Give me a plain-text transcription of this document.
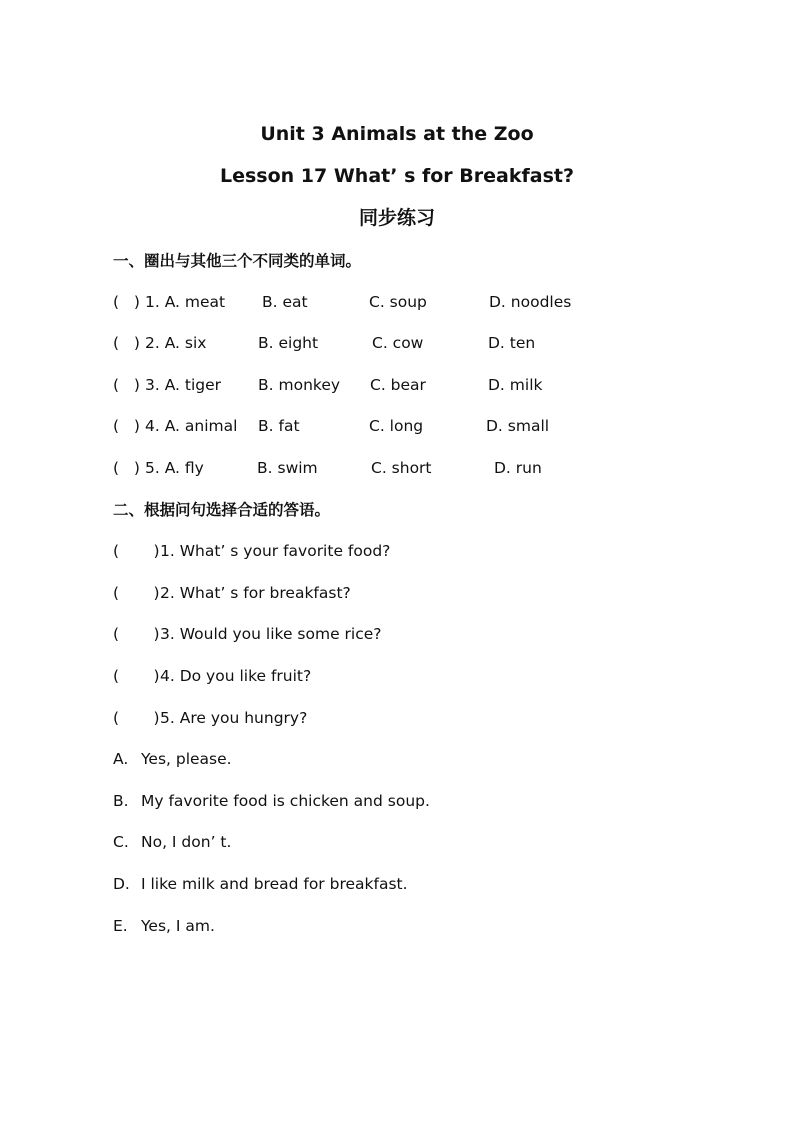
Unit 3 Animals at the Zoo
Lesson 17 What’ s for Breakfast?
同步练习
一、圈出与其他三个不同类的单词。

(   )

1. A. meat

B. eat

	C. soup

	D. noodles

(   )

2. A. six

	B. eight

	C. cow

	D. ten

(   )

3. A. tiger

B. monkey

C. bear

	D. milk

(   )

4. A. animal

B. fat

	C. long

	D. small

(   )

5. A. fly

	B. swim

	C. short

	D. run

二、根据问句选择合适的答语。

(       )

1. What’ s your favorite food?

(       )

2. What’ s for breakfast?

(       )

3. Would you like some rice?

(       )

4. Do you like fruit?

(       )

5. Are you hungry?

A.

Yes, please.

B.

My favorite food is chicken and soup.

C.

No, I don’ t.

D.

I like milk and bread for breakfast.

E.

Yes, I am.
